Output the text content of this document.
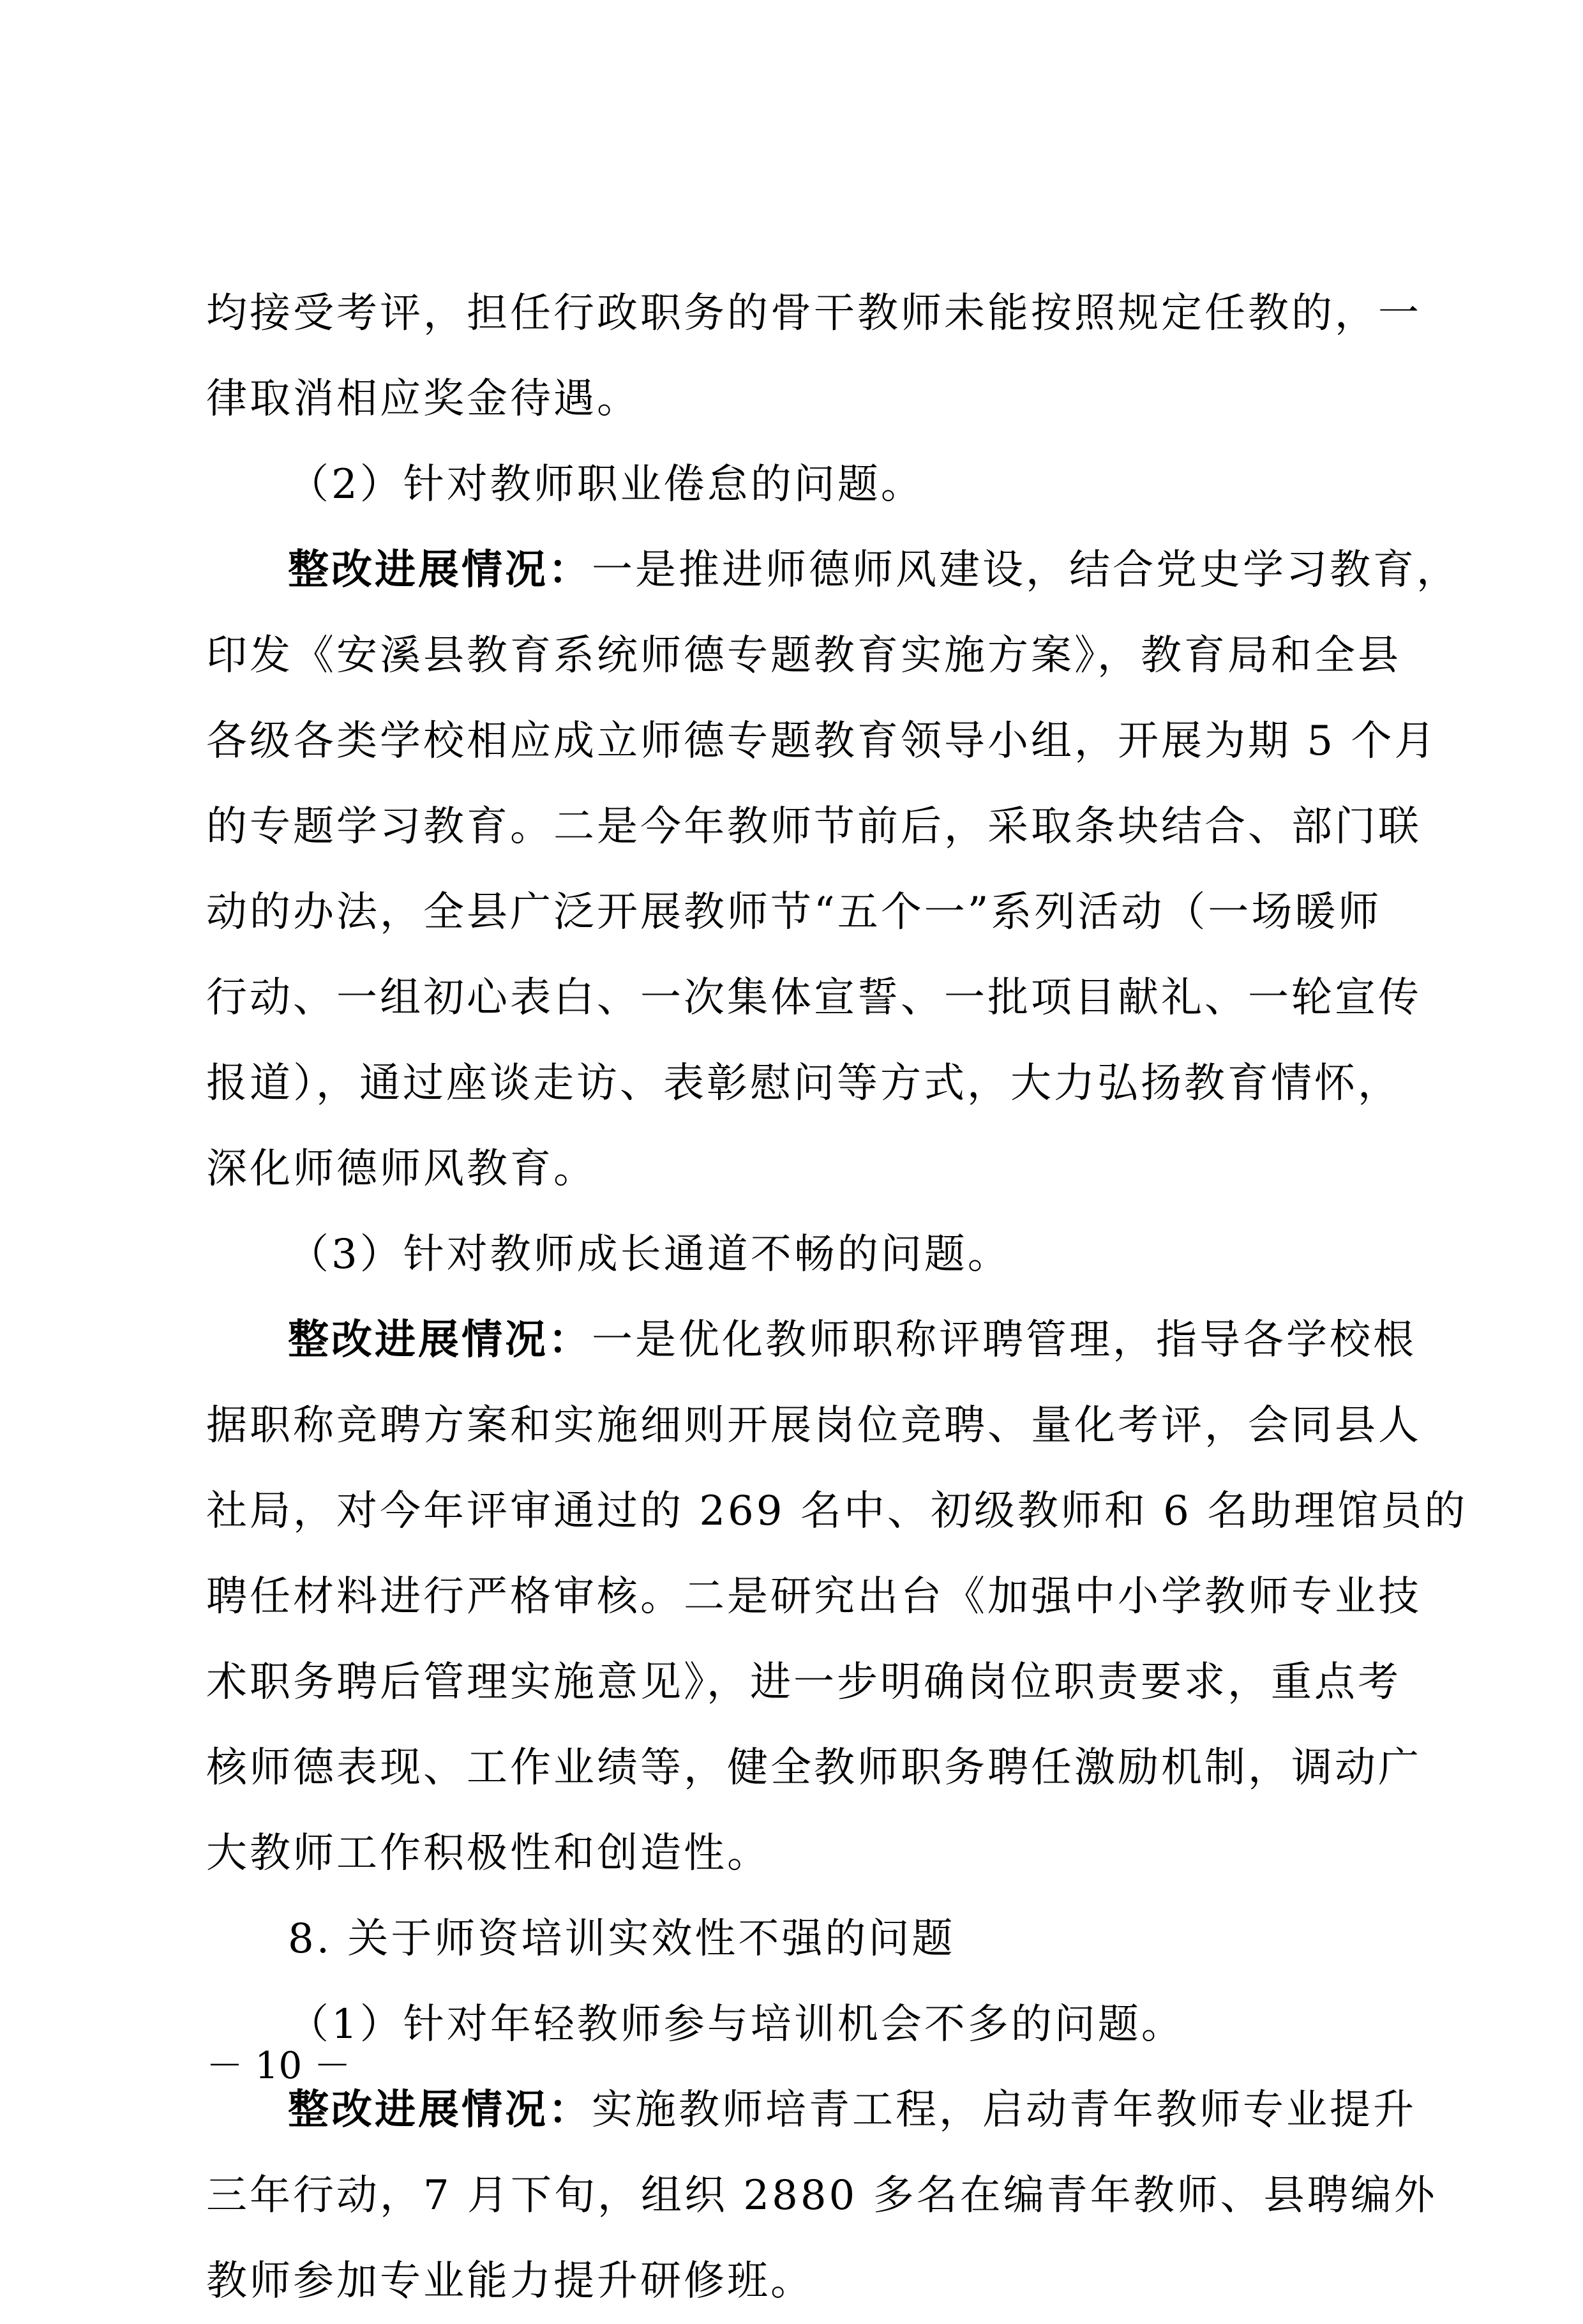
均接受考评，担任行政职务的骨干教师未能按照规定任教的，一
律取消相应奖金待遇。
（2）针对教师职业倦怠的问题。
整改进展情况：一是推进师德师风建设，结合党史学习教育，
印发《安溪县教育系统师德专题教育实施方案》，教育局和全县
各级各类学校相应成立师德专题教育领导小组，开展为期 5 个月
的专题学习教育。二是今年教师节前后，采取条块结合、部门联
动的办法，全县广泛开展教师节“五个一”系列活动（一场暖师
行动、一组初心表白、一次集体宣誓、一批项目献礼、一轮宣传
报道），通过座谈走访、表彰慰问等方式，大力弘扬教育情怀，
深化师德师风教育。
（3）针对教师成长通道不畅的问题。
整改进展情况：一是优化教师职称评聘管理，指导各学校根
据职称竞聘方案和实施细则开展岗位竞聘、量化考评，会同县人
社局，对今年评审通过的 269 名中、初级教师和 6 名助理馆员的
聘任材料进行严格审核。二是研究出台《加强中小学教师专业技
术职务聘后管理实施意见》，进一步明确岗位职责要求，重点考
核师德表现、工作业绩等，健全教师职务聘任激励机制，调动广
大教师工作积极性和创造性。
8. 关于师资培训实效性不强的问题
（1）针对年轻教师参与培训机会不多的问题。
整改进展情况：实施教师培青工程，启动青年教师专业提升
三年行动，7 月下旬，组织 2880 多名在编青年教师、县聘编外
教师参加专业能力提升研修班。
－ 10 －
